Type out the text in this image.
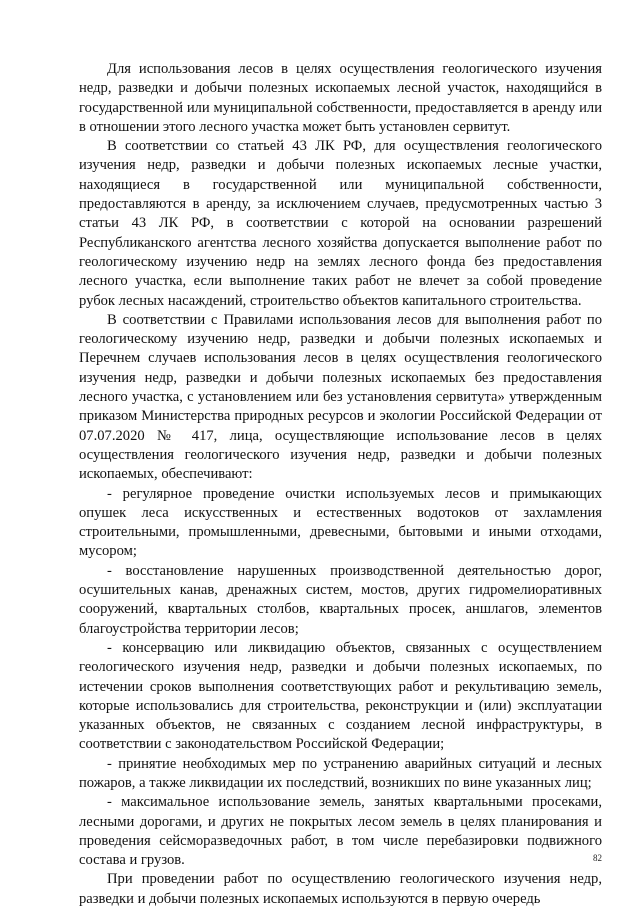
Для использования лесов в целях осуществления геологического изучения недр, разведки и добычи полезных ископаемых лесной участок, находящийся в государственной или муниципальной собственности, предоставляется в аренду или в отношении этого лесного участка может быть установлен сервитут.

В соответствии со статьей 43 ЛК РФ, для осуществления геологического изучения недр, разведки и добычи полезных ископаемых лесные участки, находящиеся в государственной или муниципальной собственности, предоставляются в аренду, за исключением случаев, предусмотренных частью 3 статьи 43 ЛК РФ, в соответствии с которой на основании разрешений Республиканского агентства лесного хозяйства допускается выполнение работ по геологическому изучению недр на землях лесного фонда без предоставления лесного участка, если выполнение таких работ не влечет за собой проведение рубок лесных насаждений, строительство объектов капитального строительства.

В соответствии с Правилами использования лесов для выполнения работ по геологическому изучению недр, разведки и добычи полезных ископаемых и Перечнем случаев использования лесов в целях осуществления геологического изучения недр, разведки и добычи полезных ископаемых без предоставления лесного участка, с установлением или без установления сервитута» утвержденным приказом Министерства природных ресурсов и экологии Российской Федерации от 07.07.2020 № 417, лица, осуществляющие использование лесов в целях осуществления геологического изучения недр, разведки и добычи полезных ископаемых, обеспечивают:

- регулярное проведение очистки используемых лесов и примыкающих опушек леса искусственных и естественных водотоков от захламления строительными, промышленными, древесными, бытовыми и иными отходами, мусором;

- восстановление нарушенных производственной деятельностью дорог, осушительных канав, дренажных систем, мостов, других гидромелиоративных сооружений, квартальных столбов, квартальных просек, аншлагов, элементов благоустройства территории лесов;

- консервацию или ликвидацию объектов, связанных с осуществлением геологического изучения недр, разведки и добычи полезных ископаемых, по истечении сроков выполнения соответствующих работ и рекультивацию земель, которые использовались для строительства, реконструкции и (или) эксплуатации указанных объектов, не связанных с созданием лесной инфраструктуры, в соответствии с законодательством Российской Федерации;

- принятие необходимых мер по устранению аварийных ситуаций и лесных пожаров, а также ликвидации их последствий, возникших по вине указанных лиц;

- максимальное использование земель, занятых квартальными просеками, лесными дорогами, и других не покрытых лесом земель в целях планирования и проведения сейсморазведочных работ, в том числе перебазировки подвижного состава и грузов.

При проведении работ по осуществлению геологического изучения недр, разведки и добычи полезных ископаемых используются в первую очередь

82
